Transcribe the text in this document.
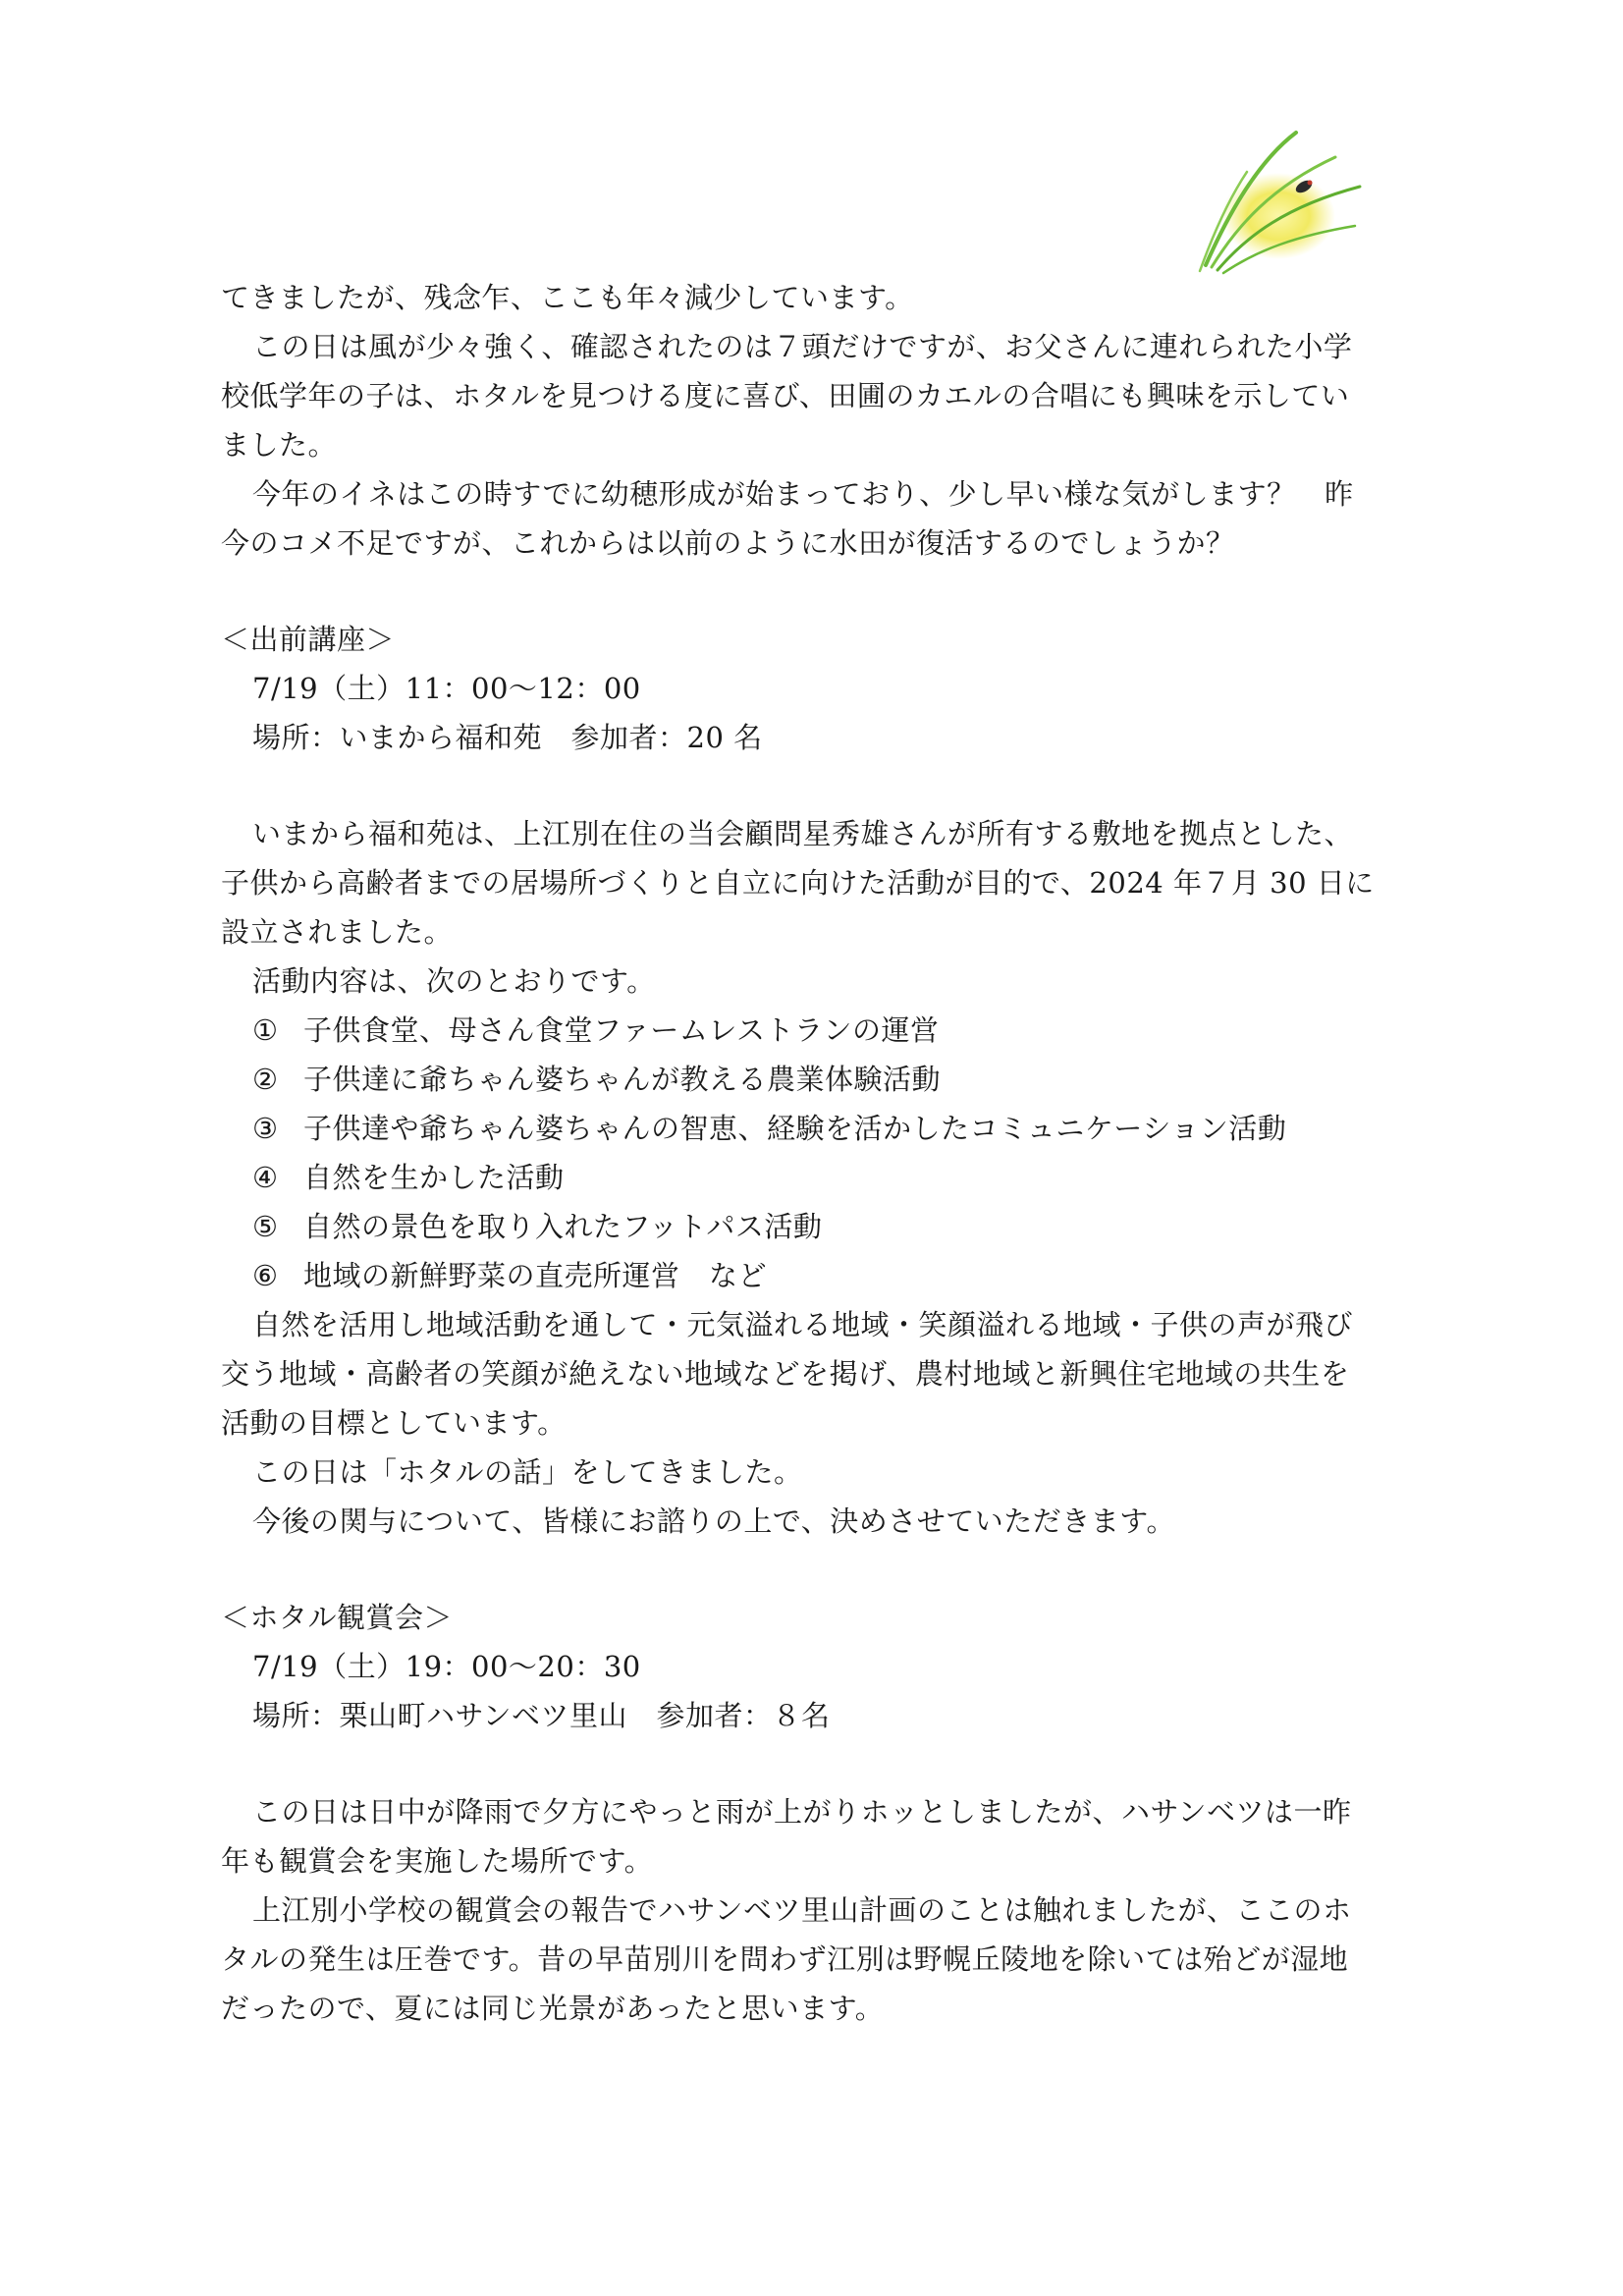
てきましたが、残念乍、ここも年々減少しています。
この日は風が少々強く、確認されたのは７頭だけですが、お父さんに連れられた小学
校低学年の子は、ホタルを見つける度に喜び、田圃のカエルの合唱にも興味を示してい
ました。
今年のイネはこの時すでに幼穂形成が始まっており、少し早い様な気がします？　昨
今のコメ不足ですが、これからは以前のように水田が復活するのでしょうか？
＜出前講座＞
7/19（土）11：00～12：00
場所：いまから福和苑　参加者：20 名
いまから福和苑は、上江別在住の当会顧問星秀雄さんが所有する敷地を拠点とした、
子供から高齢者までの居場所づくりと自立に向けた活動が目的で、2024 年７月 30 日に
設立されました。
活動内容は、次のとおりです。
① 子供食堂、母さん食堂ファームレストランの運営
② 子供達に爺ちゃん婆ちゃんが教える農業体験活動
③ 子供達や爺ちゃん婆ちゃんの智恵、経験を活かしたコミュニケーション活動
④ 自然を生かした活動
⑤ 自然の景色を取り入れたフットパス活動
⑥ 地域の新鮮野菜の直売所運営　など
自然を活用し地域活動を通して・元気溢れる地域・笑顔溢れる地域・子供の声が飛び
交う地域・高齢者の笑顔が絶えない地域などを掲げ、農村地域と新興住宅地域の共生を
活動の目標としています。
この日は「ホタルの話」をしてきました。
今後の関与について、皆様にお諮りの上で、決めさせていただきます。
＜ホタル観賞会＞
7/19（土）19：00～20：30
場所：栗山町ハサンベツ里山　参加者：８名
この日は日中が降雨で夕方にやっと雨が上がりホッとしましたが、ハサンベツは一昨
年も観賞会を実施した場所です。
上江別小学校の観賞会の報告でハサンベツ里山計画のことは触れましたが、ここのホ
タルの発生は圧巻です。昔の早苗別川を問わず江別は野幌丘陵地を除いては殆どが湿地
だったので、夏には同じ光景があったと思います。
